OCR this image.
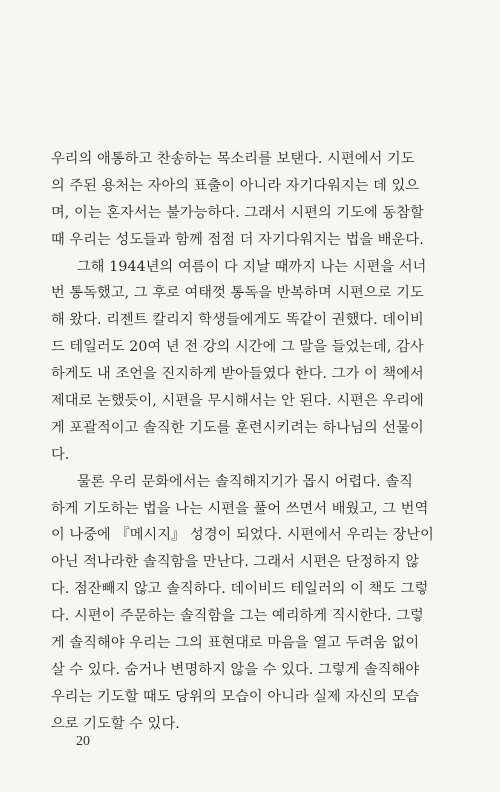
우리의 애통하고 찬송하는 목소리를 보탠다. 시편에서 기도
의 주된 용처는 자아의 표출이 아니라 자기다워지는 데 있으
며, 이는 혼자서는 불가능하다. 그래서 시편의 기도에 동참할
때 우리는 성도들과 함께 점점 더 자기다워지는 법을 배운다.
그해 1944년의 여름이 다 지날 때까지 나는 시편을 서너
번 통독했고, 그 후로 여태껏 통독을 반복하며 시편으로 기도
해 왔다. 리젠트 칼리지 학생들에게도 똑같이 권했다. 데이비
드 테일러도 20여 년 전 강의 시간에 그 말을 들었는데, 감사
하게도 내 조언을 진지하게 받아들였다 한다. 그가 이 책에서
제대로 논했듯이, 시편을 무시해서는 안 된다. 시편은 우리에
게 포괄적이고 솔직한 기도를 훈련시키려는 하나님의 선물이
다.
물론 우리 문화에서는 솔직해지기가 몹시 어렵다. 솔직
하게 기도하는 법을 나는 시편을 풀어 쓰면서 배웠고, 그 번역
이 나중에 『메시지』 성경이 되었다. 시편에서 우리는 장난이
아닌 적나라한 솔직함을 만난다. 그래서 시편은 단정하지 않
다. 점잔빼지 않고 솔직하다. 데이비드 테일러의 이 책도 그렇
다. 시편이 주문하는 솔직함을 그는 예리하게 직시한다. 그렇
게 솔직해야 우리는 그의 표현대로 마음을 열고 두려움 없이
살 수 있다. 숨거나 변명하지 않을 수 있다. 그렇게 솔직해야
우리는 기도할 때도 당위의 모습이 아니라 실제 자신의 모습
으로 기도할 수 있다.
20
